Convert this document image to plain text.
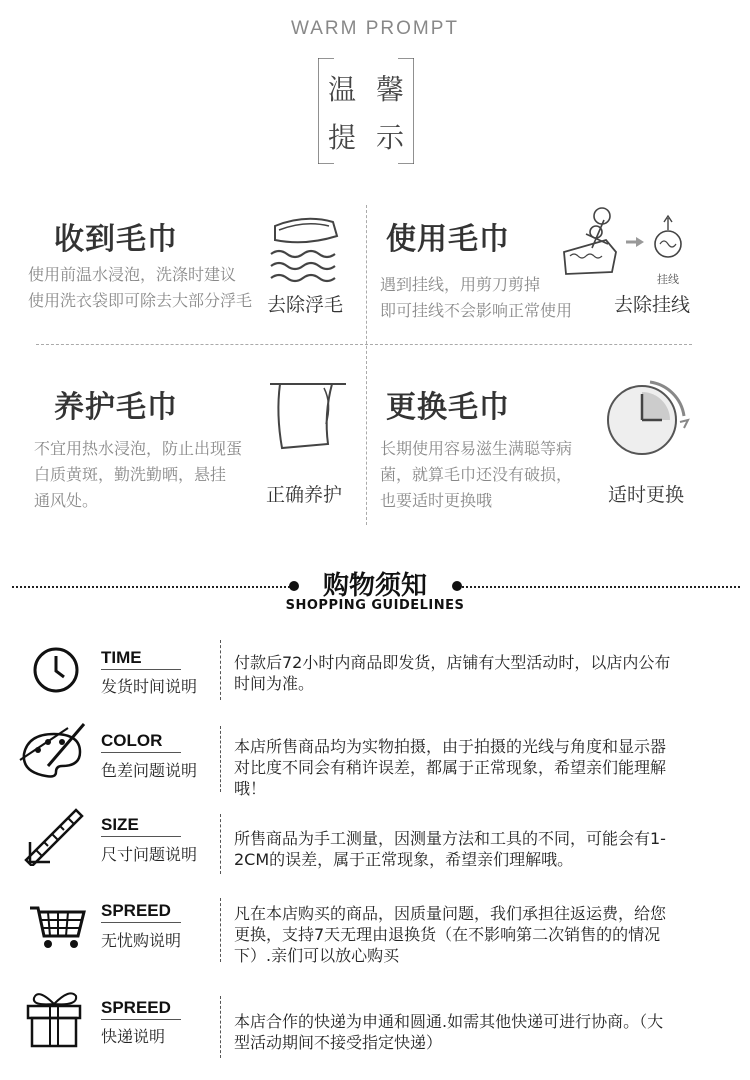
WARM PROMPT
温 馨
提 示
收到毛巾
使用前温水浸泡，洗涤时建议
使用洗衣袋即可除去大部分浮毛 去除浮毛
使用毛巾
遇到挂线，用剪刀剪掉
即可挂线不会影响正常使用
挂线
去除挂线
养护毛巾
不宜用热水浸泡，防止出现蛋
白质黄斑，勤洗勤晒，悬挂
通风处。	正确养护
更换毛巾
长期使用容易滋生满聪等病
菌，就算毛巾还没有破损，
也要适时更换哦	适时更换
购物须知
SHOPPING GUIDELINES
TIME
发货时间说明
付款后72小时内商品即发货，店铺有大型活动时，以店内公布
时间为准。
COLOR
色差问题说明
本店所售商品均为实物拍摄，由于拍摄的光线与角度和显示器
对比度不同会有稍许误差，都属于正常现象，希望亲们能理解
哦！
SIZE
尺寸问题说明
所售商品为手工测量，因测量方法和工具的不同，可能会有1-
2CM的误差，属于正常现象，希望亲们理解哦。
SPREED
无忧购说明
凡在本店购买的商品，因质量问题，我们承担往返运费，给您
更换，支持7天无理由退换货（在不影响第二次销售的的情况
下）.亲们可以放心购买
SPREED
快递说明
本店合作的快递为申通和圆通.如需其他快递可进行协商。（大
型活动期间不接受指定快递）
